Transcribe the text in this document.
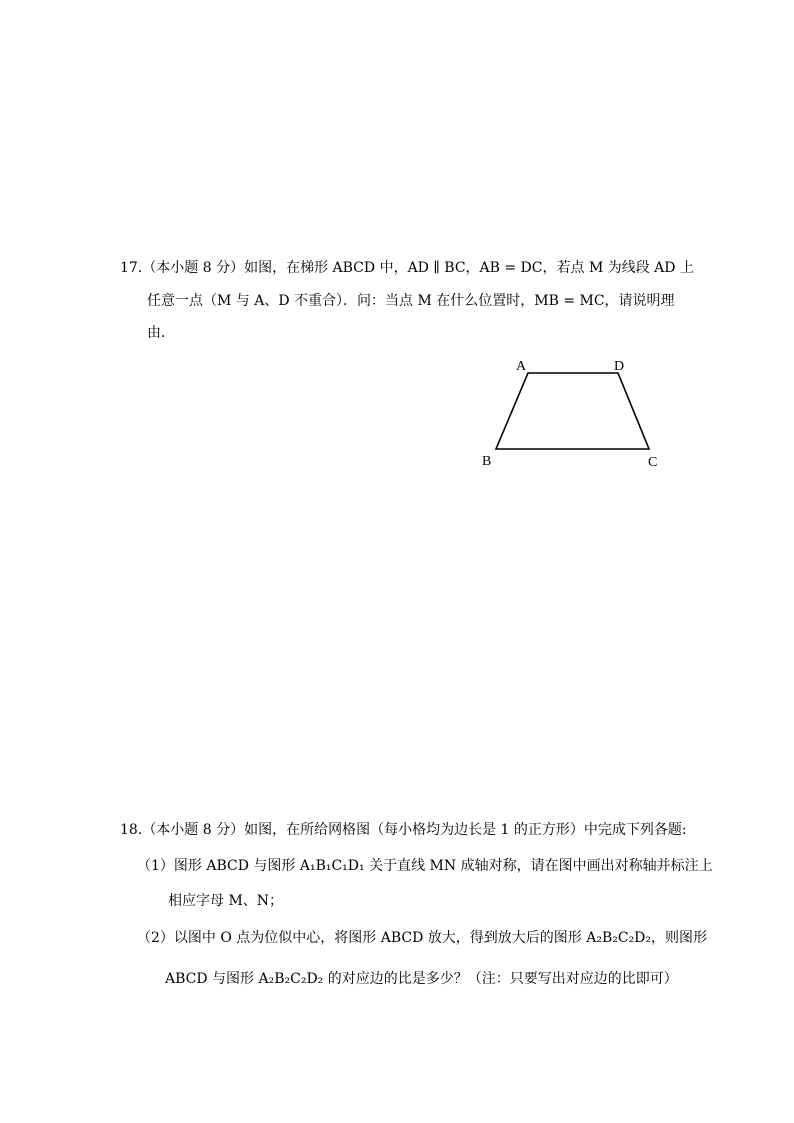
17.（本小题 8 分）如图，在梯形 ABCD 中，AD ∥ BC，AB = DC，若点 M 为线段 AD 上
任意一点（M 与 A、D 不重合）．问：当点 M 在什么位置时，MB = MC，请说明理
由．
A	D
B	C
18.（本小题 8 分）如图，在所给网格图（每小格均为边长是 1 的正方形）中完成下列各题:
（1）图形 ABCD 与图形 A₁B₁C₁D₁ 关于直线 MN 成轴对称，请在图中画出对称轴并标注上
相应字母 M、N；
（2）以图中 O 点为位似中心，将图形 ABCD 放大，得到放大后的图形 A₂B₂C₂D₂，则图形
ABCD 与图形 A₂B₂C₂D₂ 的对应边的比是多少？（注：只要写出对应边的比即可）
